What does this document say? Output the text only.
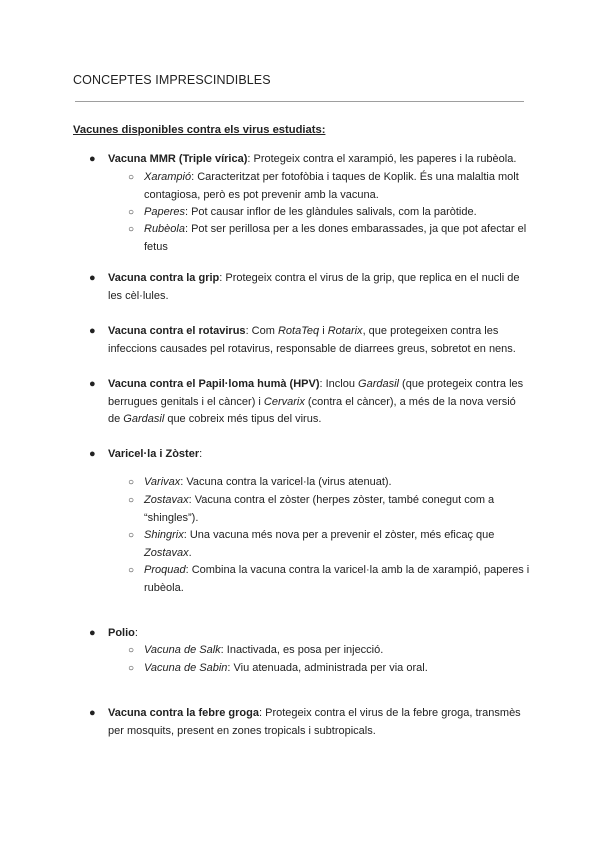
CONCEPTES IMPRESCINDIBLES
Vacunes disponibles contra els virus estudiats:
● Vacuna MMR (Triple vírica): Protegeix contra el xarampió, les paperes i la rubèola.
○ Xarampió: Caracteritzat per fotofòbia i taques de Koplik. És una malaltia molt contagiosa, però es pot prevenir amb la vacuna.
○ Paperes: Pot causar inflor de les glàndules salivals, com la paròtide.
○ Rubèola: Pot ser perillosa per a les dones embarassades, ja que pot afectar el fetus
● Vacuna contra la grip: Protegeix contra el virus de la grip, que replica en el nucli de les cèl·lules.
● Vacuna contra el rotavirus: Com RotaTeq i Rotarix, que protegeixen contra les infeccions causades pel rotavirus, responsable de diarrees greus, sobretot en nens.
● Vacuna contra el Papil·loma humà (HPV): Inclou Gardasil (que protegeix contra les berrugues genitals i el càncer) i Cervarix (contra el càncer), a més de la nova versió de Gardasil que cobreix més tipus del virus.
● Varicel·la i Zòster:
○ Varivax: Vacuna contra la varicel·la (virus atenuat).
○ Zostavax: Vacuna contra el zòster (herpes zòster, també conegut com a “shingles”).
○ Shingrix: Una vacuna més nova per a prevenir el zòster, més eficaç que Zostavax.
○ Proquad: Combina la vacuna contra la varicel·la amb la de xarampió, paperes i rubèola.
● Polio:
○ Vacuna de Salk: Inactivada, es posa per injecció.
○ Vacuna de Sabin: Viu atenuada, administrada per via oral.
● Vacuna contra la febre groga: Protegeix contra el virus de la febre groga, transmès per mosquits, present en zones tropicals i subtropicals.
